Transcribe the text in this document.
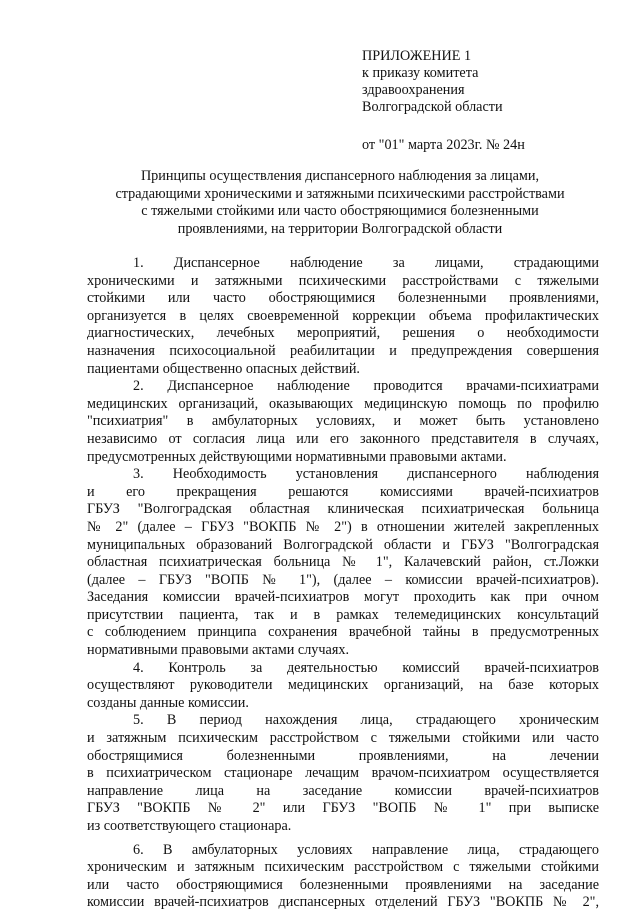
ПРИЛОЖЕНИЕ 1
к приказу комитета
здравоохранения
Волгоградской области
от "01" марта 2023г. № 24н
Принципы осуществления диспансерного наблюдения за лицами,
страдающими хроническими и затяжными психическими расстройствами
с тяжелыми стойкими или часто обостряющимися болезненными
проявлениями, на территории Волгоградской области
1. Диспансерное наблюдение за лицами, страдающими
хроническими и затяжными психическими расстройствами с тяжелыми
стойкими или часто обостряющимися болезненными проявлениями,
организуется в целях своевременной коррекции объема профилактических
диагностических, лечебных мероприятий, решения о необходимости
назначения психосоциальной реабилитации и предупреждения совершения
пациентами общественно опасных действий.
2. Диспансерное наблюдение проводится врачами-психиатрами
медицинских организаций, оказывающих медицинскую помощь по профилю
"психиатрия" в амбулаторных условиях, и может быть установлено
независимо от согласия лица или его законного представителя в случаях,
предусмотренных действующими нормативными правовыми актами.
3. Необходимость установления диспансерного наблюдения
и его прекращения решаются комиссиями врачей-психиатров
ГБУЗ "Волгоградская областная клиническая психиатрическая больница
№ 2" (далее – ГБУЗ "ВОКПБ № 2") в отношении жителей закрепленных
муниципальных образований Волгоградской области и ГБУЗ "Волгоградская
областная психиатрическая больница № 1", Калачевский район, ст.Ложки
(далее – ГБУЗ "ВОПБ № 1"), (далее – комиссии врачей-психиатров).
Заседания комиссии врачей-психиатров могут проходить как при очном
присутствии пациента, так и в рамках телемедицинских консультаций
с соблюдением принципа сохранения врачебной тайны в предусмотренных
нормативными правовыми актами случаях.
4. Контроль за деятельностью комиссий врачей-психиатров
осуществляют руководители медицинских организаций, на базе которых
созданы данные комиссии.
5. В период нахождения лица, страдающего хроническим
и затяжным психическим расстройством с тяжелыми стойкими или часто
обострящимися болезненными проявлениями, на лечении
в психиатрическом стационаре лечащим врачом-психиатром осуществляется
направление лица на заседание комиссии врачей-психиатров
ГБУЗ "ВОКПБ № 2" или ГБУЗ "ВОПБ № 1" при выписке
из соответствующего стационара.
6. В амбулаторных условиях направление лица, страдающего
хроническим и затяжным психическим расстройством с тяжелыми стойкими
или часто обостряющимися болезненными проявлениями на заседание
комиссии врачей-психиатров диспансерных отделений ГБУЗ "ВОКПБ № 2",
